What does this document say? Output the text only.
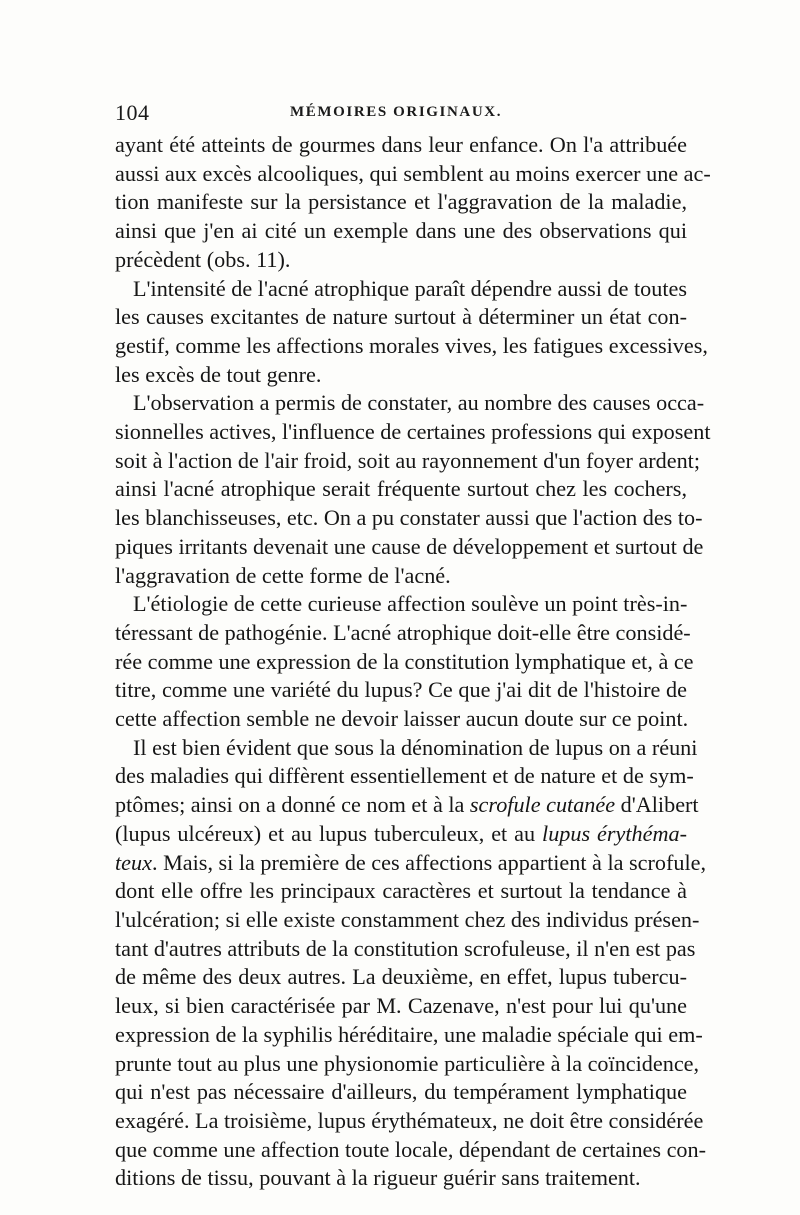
104	MÉMOIRES ORIGINAUX.

ayant été atteints de gourmes dans leur enfance. On l'a attribuée
aussi aux excès alcooliques, qui semblent au moins exercer une ac-
tion manifeste sur la persistance et l'aggravation de la maladie,
ainsi que j'en ai cité un exemple dans une des observations qui
précèdent (obs. 11).

L'intensité de l'acné atrophique paraît dépendre aussi de toutes
les causes excitantes de nature surtout à déterminer un état con-
gestif, comme les affections morales vives, les fatigues excessives,
les excès de tout genre.

L'observation a permis de constater, au nombre des causes occa-
sionnelles actives, l'influence de certaines professions qui exposent
soit à l'action de l'air froid, soit au rayonnement d'un foyer ardent;
ainsi l'acné atrophique serait fréquente surtout chez les cochers,
les blanchisseuses, etc. On a pu constater aussi que l'action des to-
piques irritants devenait une cause de développement et surtout de
l'aggravation de cette forme de l'acné.

L'étiologie de cette curieuse affection soulève un point très-in-
téressant de pathogénie. L'acné atrophique doit-elle être considé-
rée comme une expression de la constitution lymphatique et, à ce
titre, comme une variété du lupus? Ce que j'ai dit de l'histoire de
cette affection semble ne devoir laisser aucun doute sur ce point.

Il est bien évident que sous la dénomination de lupus on a réuni
des maladies qui diffèrent essentiellement et de nature et de sym-
ptômes; ainsi on a donné ce nom et à la scrofule cutanée d'Alibert
(lupus ulcéreux) et au lupus tuberculeux, et au lupus érythéma-
teux. Mais, si la première de ces affections appartient à la scrofule,
dont elle offre les principaux caractères et surtout la tendance à
l'ulcération; si elle existe constamment chez des individus présen-
tant d'autres attributs de la constitution scrofuleuse, il n'en est pas
de même des deux autres. La deuxième, en effet, lupus tubercu-
leux, si bien caractérisée par M. Cazenave, n'est pour lui qu'une
expression de la syphilis héréditaire, une maladie spéciale qui em-
prunte tout au plus une physionomie particulière à la coïncidence,
qui n'est pas nécessaire d'ailleurs, du tempérament lymphatique
exagéré. La troisième, lupus érythémateux, ne doit être considérée
que comme une affection toute locale, dépendant de certaines con-
ditions de tissu, pouvant à la rigueur guérir sans traitement.
